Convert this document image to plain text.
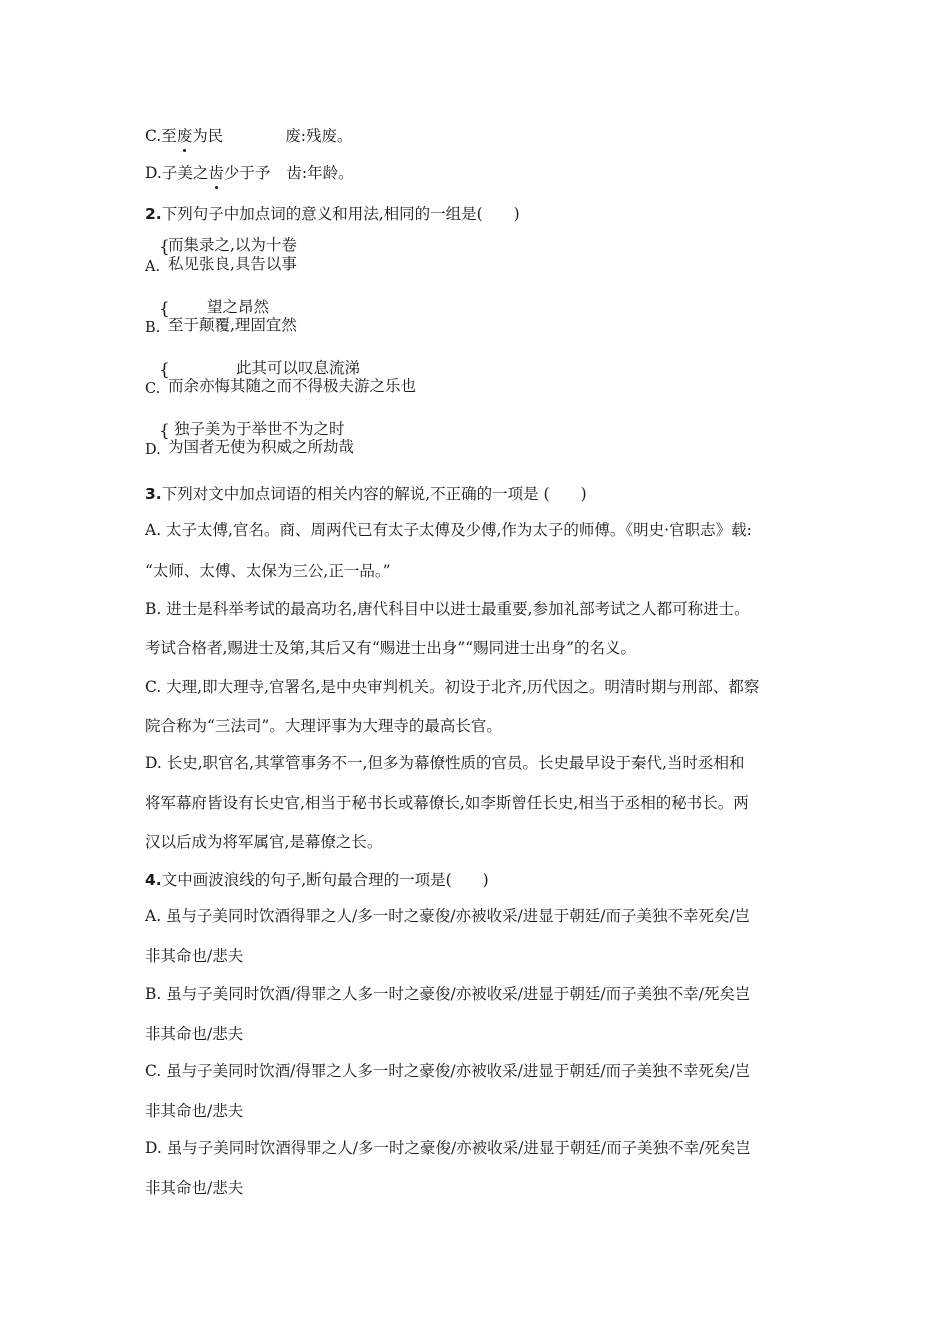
C.至废为民	废:残废。
D.子美之齿少于予 齿:年龄。
2.下列句子中加点词的意义和用法,相同的一组是(　　)
A.
{
而集录之,以为十卷
私见张良,具告以事
B.
{ 望之昂然
至于颠覆,理固宜然
C.
{	此其可以叹息流涕
而余亦悔其随之而不得极夫游之乐也
D.
{ 独子美为于举世不为之时
为国者无使为积威之所劫哉
3.下列对文中加点词语的相关内容的解说,不正确的一项是 (　　)
A. 太子太傅,官名。商、周两代已有太子太傅及少傅,作为太子的师傅。《明史·官职志》载:
“太师、太傅、太保为三公,正一品。”
B. 进士是科举考试的最高功名,唐代科目中以进士最重要,参加礼部考试之人都可称进士。
考试合格者,赐进士及第,其后又有“赐进士出身”“赐同进士出身”的名义。
C. 大理,即大理寺,官署名,是中央审判机关。初设于北齐,历代因之。明清时期与刑部、都察
院合称为“三法司”。大理评事为大理寺的最高长官。
D. 长史,职官名,其掌管事务不一,但多为幕僚性质的官员。长史最早设于秦代,当时丞相和
将军幕府皆设有长史官,相当于秘书长或幕僚长,如李斯曾任长史,相当于丞相的秘书长。两
汉以后成为将军属官,是幕僚之长。
4.文中画波浪线的句子,断句最合理的一项是(　　)
A. 虽与子美同时饮酒得罪之人/多一时之豪俊/亦被收采/进显于朝廷/而子美独不幸死矣/岂
非其命也/悲夫
B. 虽与子美同时饮酒/得罪之人多一时之豪俊/亦被收采/进显于朝廷/而子美独不幸/死矣岂
非其命也/悲夫
C. 虽与子美同时饮酒/得罪之人多一时之豪俊/亦被收采/进显于朝廷/而子美独不幸死矣/岂
非其命也/悲夫
D. 虽与子美同时饮酒得罪之人/多一时之豪俊/亦被收采/进显于朝廷/而子美独不幸/死矣岂
非其命也/悲夫
